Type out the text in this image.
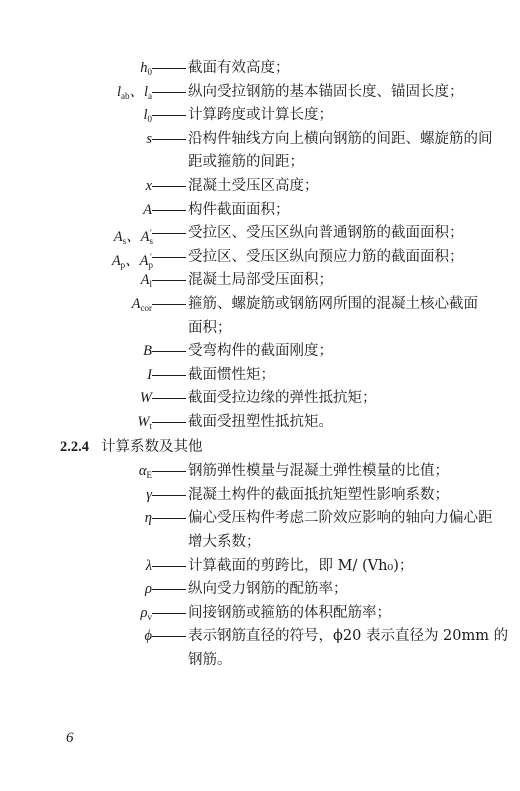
$h_0$ 截面有效高度；
$l_{ab}$、$l_a$ 纵向受拉钢筋的基本锚固长度、锚固长度；
$l_0$ 计算跨度或计算长度；
s 沿构件轴线方向上横向钢筋的间距、螺旋筋的间
距或箍筋的间距；
x 混凝土受压区高度；
A 构件截面面积；
$A_s$、$A_s'$ 受拉区、受压区纵向普通钢筋的截面面积；
$A_p$、$A_p'$ 受拉区、受压区纵向预应力筋的截面面积；
$A_l$ 混凝土局部受压面积；
$A_{cor}$ 箍筋、螺旋筋或钢筋网所围的混凝土核心截面
面积；
B 受弯构件的截面刚度；
I 截面惯性矩；
W 截面受拉边缘的弹性抵抗矩；
$W_t$ 截面受扭塑性抵抗矩。
2.2.4 计算系数及其他
$\alpha_E$ 钢筋弹性模量与混凝土弹性模量的比值；
γ 混凝土构件的截面抵抗矩塑性影响系数；
η 偏心受压构件考虑二阶效应影响的轴向力偏心距
增大系数；
λ 计算截面的剪跨比，即 M/ (Vh₀)；
ρ 纵向受力钢筋的配筋率；
$\rho_v$ 间接钢筋或箍筋的体积配筋率；
ϕ 表示钢筋直径的符号，ϕ20 表示直径为 20mm 的
钢筋。
6
